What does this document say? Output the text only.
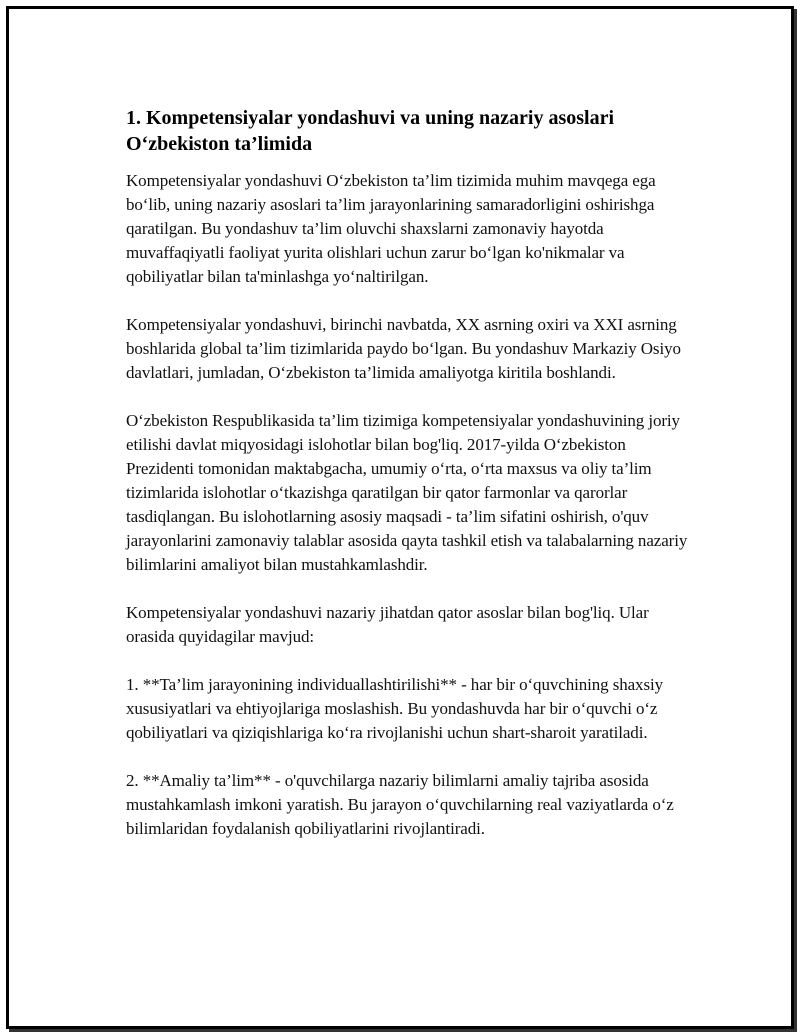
1. Kompetensiyalar yondashuvi va uning nazariy asoslari
O‘zbekiston ta’limida

Kompetensiyalar yondashuvi O‘zbekiston ta’lim tizimida muhim mavqega ega bo‘lib, uning nazariy asoslari ta’lim jarayonlarining samaradorligini oshirishga qaratilgan. Bu yondashuv ta’lim oluvchi shaxslarni zamonaviy hayotda muvaffaqiyatli faoliyat yurita olishlari uchun zarur bo‘lgan ko'nikmalar va qobiliyatlar bilan ta'minlashga yo‘naltirilgan.

Kompetensiyalar yondashuvi, birinchi navbatda, XX asrning oxiri va XXI asrning boshlarida global ta’lim tizimlarida paydo bo‘lgan. Bu yondashuv Markaziy Osiyo davlatlari, jumladan, O‘zbekiston ta’limida amaliyotga kiritila boshlandi.

O‘zbekiston Respublikasida ta’lim tizimiga kompetensiyalar yondashuvining joriy etilishi davlat miqyosidagi islohotlar bilan bog'liq. 2017-yilda O‘zbekiston Prezidenti tomonidan maktabgacha, umumiy o‘rta, o‘rta maxsus va oliy ta’lim tizimlarida islohotlar o‘tkazishga qaratilgan bir qator farmonlar va qarorlar tasdiqlangan. Bu islohotlarning asosiy maqsadi - ta’lim sifatini oshirish, o'quv jarayonlarini zamonaviy talablar asosida qayta tashkil etish va talabalarning nazariy bilimlarini amaliyot bilan mustahkamlashdir.

Kompetensiyalar yondashuvi nazariy jihatdan qator asoslar bilan bog'liq. Ular orasida quyidagilar mavjud:

1. **Ta’lim jarayonining individuallashtirilishi** - har bir o‘quvchining shaxsiy xususiyatlari va ehtiyojlariga moslashish. Bu yondashuvda har bir o‘quvchi o‘z qobiliyatlari va qiziqishlariga ko‘ra rivojlanishi uchun shart-sharoit yaratiladi.

2. **Amaliy ta’lim** - o'quvchilarga nazariy bilimlarni amaliy tajriba asosida mustahkamlash imkoni yaratish. Bu jarayon o‘quvchilarning real vaziyatlarda o‘z bilimlaridan foydalanish qobiliyatlarini rivojlantiradi.
